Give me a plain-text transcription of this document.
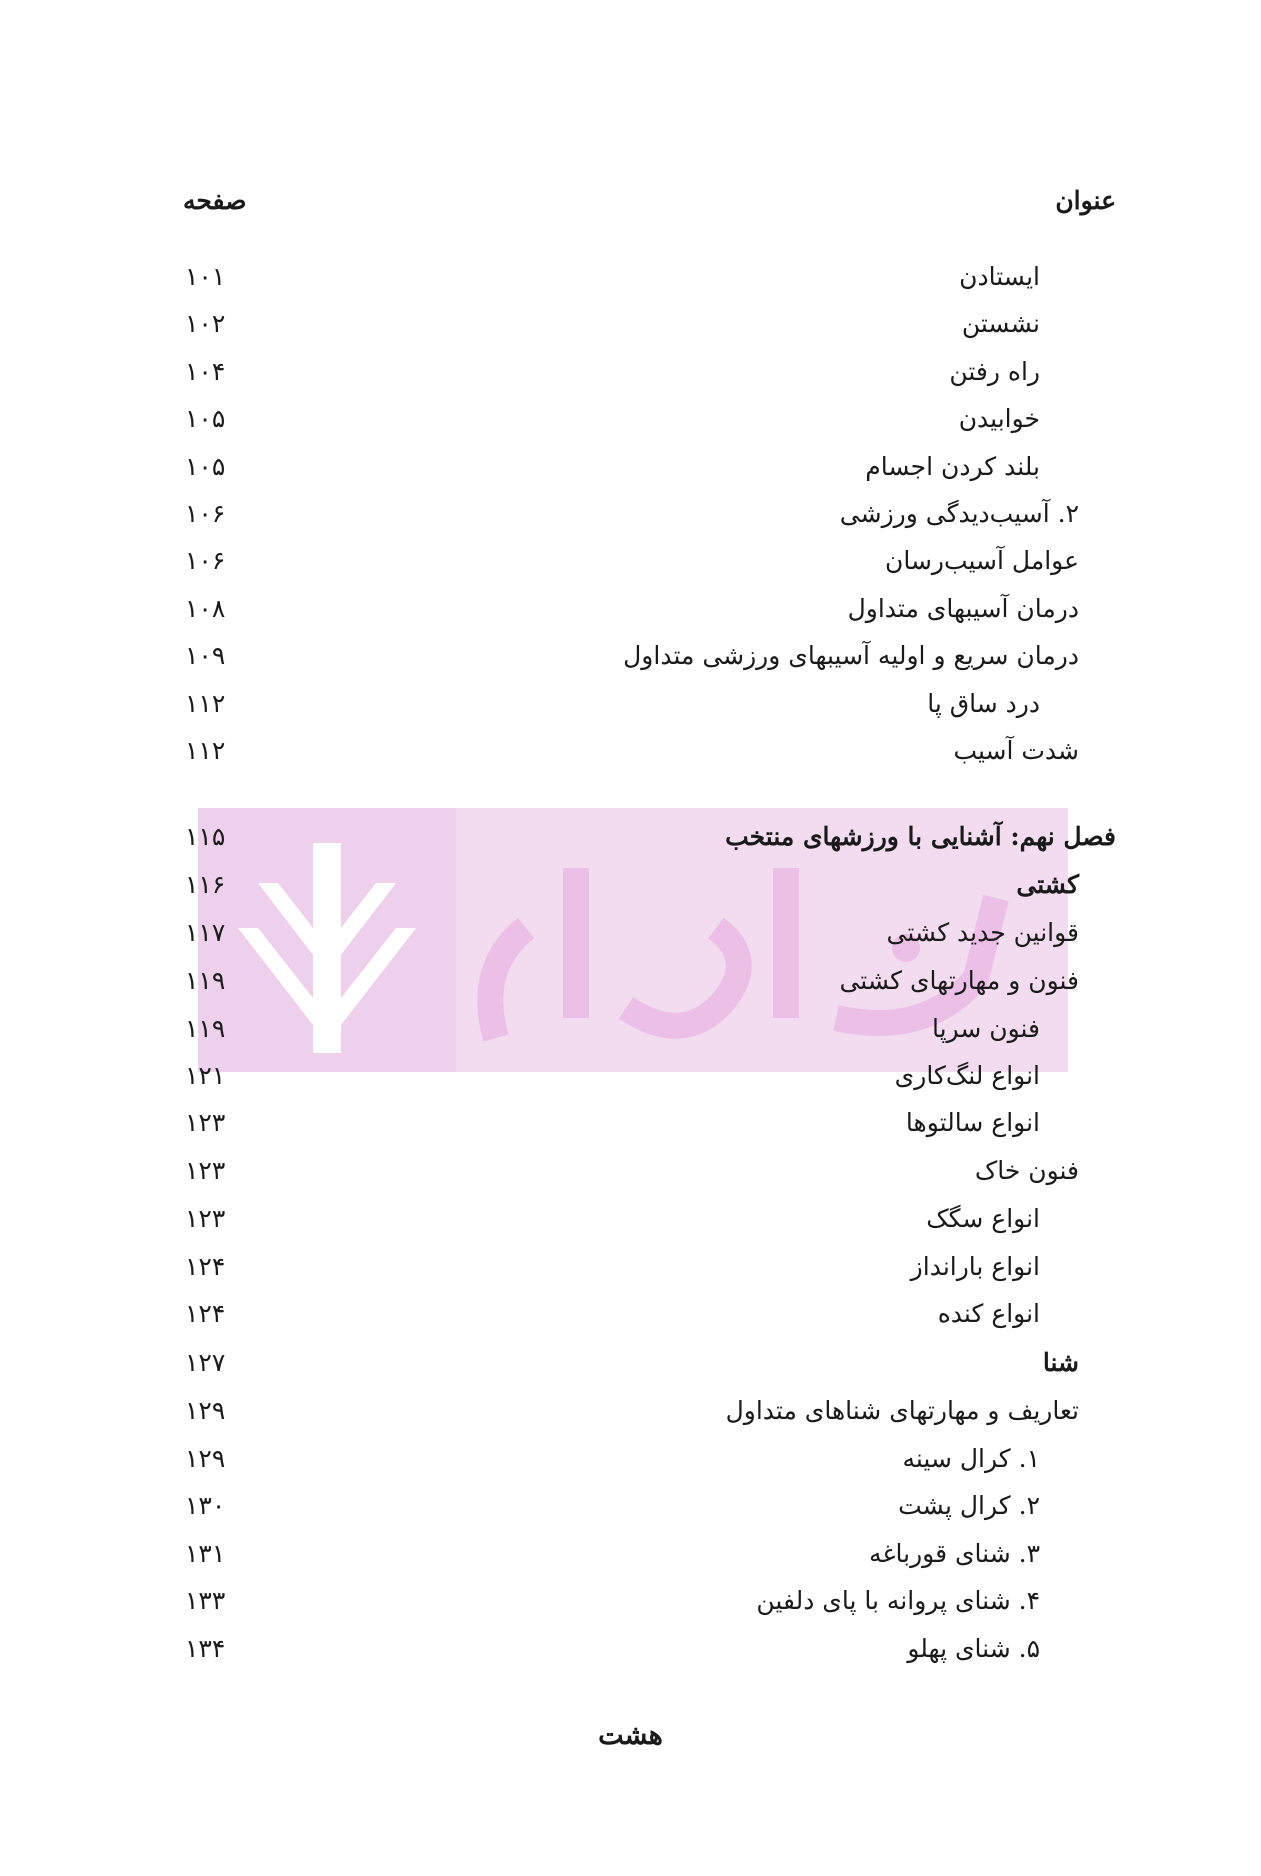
عنوان
صفحه
ایستادن
۱۰۱
نشستن
۱۰۲
راه رفتن
۱۰۴
خوابیدن
۱۰۵
بلند کردن اجسام
۱۰۵
۲. آسیب‌دیدگی ورزشی
۱۰۶
عوامل آسیب‌رسان
۱۰۶
درمان آسیبهای متداول
۱۰۸
درمان سریع و اولیه آسیبهای ورزشی متداول
۱۰۹
درد ساق پا
۱۱۲
شدت آسیب
۱۱۲
فصل نهم: آشنایی با ورزشهای منتخب
۱۱۵
کشتی
۱۱۶
قوانین جدید کشتی
۱۱۷
فنون و مهارتهای کشتی
۱۱۹
فنون سرپا
۱۱۹
انواع لنگ‌کاری
۱۲۱
انواع سالتوها
۱۲۳
فنون خاک
۱۲۳
انواع سگک
۱۲۳
انواع بارانداز
۱۲۴
انواع کنده
۱۲۴
شنا
۱۲۷
تعاریف و مهارتهای شناهای متداول
۱۲۹
۱. کرال سینه
۱۲۹
۲. کرال پشت
۱۳۰
۳. شنای قورباغه
۱۳۱
۴. شنای پروانه با پای دلفین
۱۳۳
۵. شنای پهلو
۱۳۴
هشت
